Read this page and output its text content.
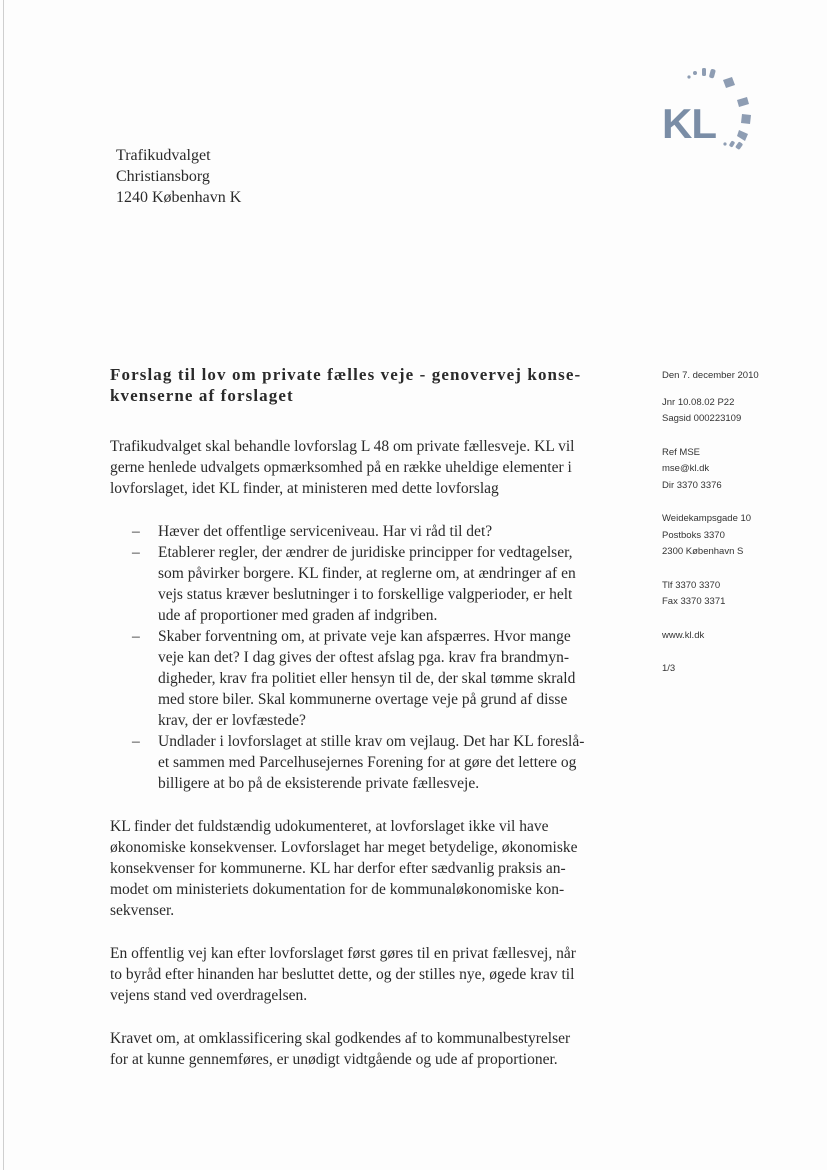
KL
Trafikudvalget
Christiansborg
1240 København K
Forslag til lov om private fælles veje - genovervej konse-
kvenserne af forslaget
Den 7. december 2010
Jnr 10.08.02 P22
Sagsid 000223109
Ref MSE
mse@kl.dk
Dir 3370 3376
Weidekampsgade 10
Postboks 3370
2300 København S
Tlf 3370 3370
Fax 3370 3371
www.kl.dk
1/3

Trafikudvalget skal behandle lovforslag L 48 om private fællesveje. KL vil
gerne henlede udvalgets opmærksomhed på en række uheldige elementer i
lovforslaget, idet KL finder, at ministeren med dette lovforslag

– Hæver det offentlige serviceniveau. Har vi råd til det?
– Etablerer regler, der ændrer de juridiske principper for vedtagelser,
som påvirker borgere. KL finder, at reglerne om, at ændringer af en
vejs status kræver beslutninger i to forskellige valgperioder, er helt
ude af proportioner med graden af indgriben.
– Skaber forventning om, at private veje kan afspærres. Hvor mange
veje kan det? I dag gives der oftest afslag pga. krav fra brandmyn-
digheder, krav fra politiet eller hensyn til de, der skal tømme skrald
med store biler. Skal kommunerne overtage veje på grund af disse
krav, der er lovfæstede?
– Undlader i lovforslaget at stille krav om vejlaug. Det har KL foreslå-
et sammen med Parcelhusejernes Forening for at gøre det lettere og
billigere at bo på de eksisterende private fællesveje.

KL finder det fuldstændig udokumenteret, at lovforslaget ikke vil have
økonomiske konsekvenser. Lovforslaget har meget betydelige, økonomiske
konsekvenser for kommunerne. KL har derfor efter sædvanlig praksis an-
modet om ministeriets dokumentation for de kommunaløkonomiske kon-
sekvenser.

En offentlig vej kan efter lovforslaget først gøres til en privat fællesvej, når
to byråd efter hinanden har besluttet dette, og der stilles nye, øgede krav til
vejens stand ved overdragelsen.

Kravet om, at omklassificering skal godkendes af to kommunalbestyrelser
for at kunne gennemføres, er unødigt vidtgående og ude af proportioner.
